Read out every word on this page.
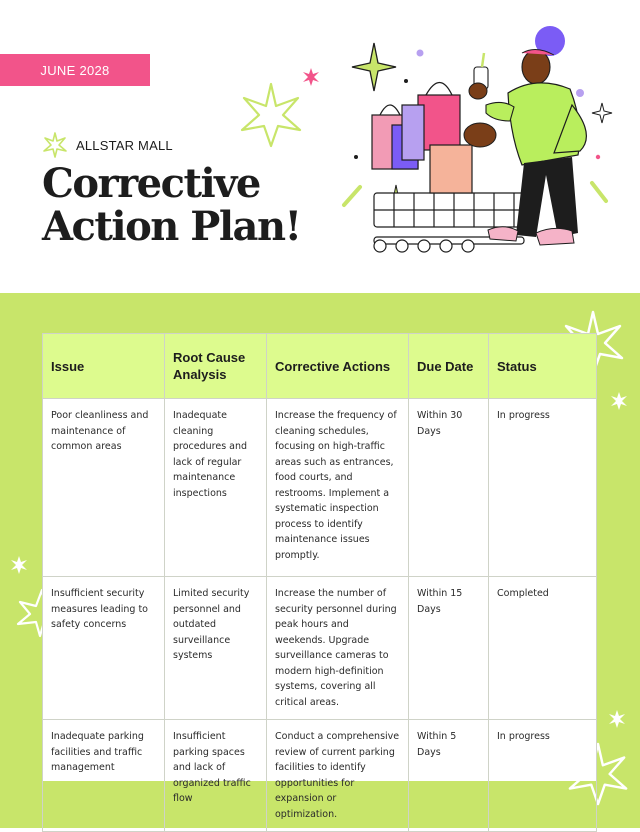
JUNE 2028
ALLSTAR MALL
Corrective
Action Plan!
Issue	Root Cause Analysis	Corrective Actions	Due Date	Status
Poor cleanliness and maintenance of common areas	Inadequate cleaning procedures and lack of regular maintenance inspections	Increase the frequency of cleaning schedules, focusing on high-traffic areas such as entrances, food courts, and restrooms. Implement a systematic inspection process to identify maintenance issues promptly.	Within 30 Days	In progress
Insufficient security measures leading to safety concerns	Limited security personnel and outdated surveillance systems	Increase the number of security personnel during peak hours and weekends. Upgrade surveillance cameras to modern high-definition systems, covering all critical areas.	Within 15 Days	Completed
Inadequate parking facilities and traffic management	Insufficient parking spaces and lack of organized traffic flow	Conduct a comprehensive review of current parking facilities to identify opportunities for expansion or optimization.	Within 5 Days	In progress
